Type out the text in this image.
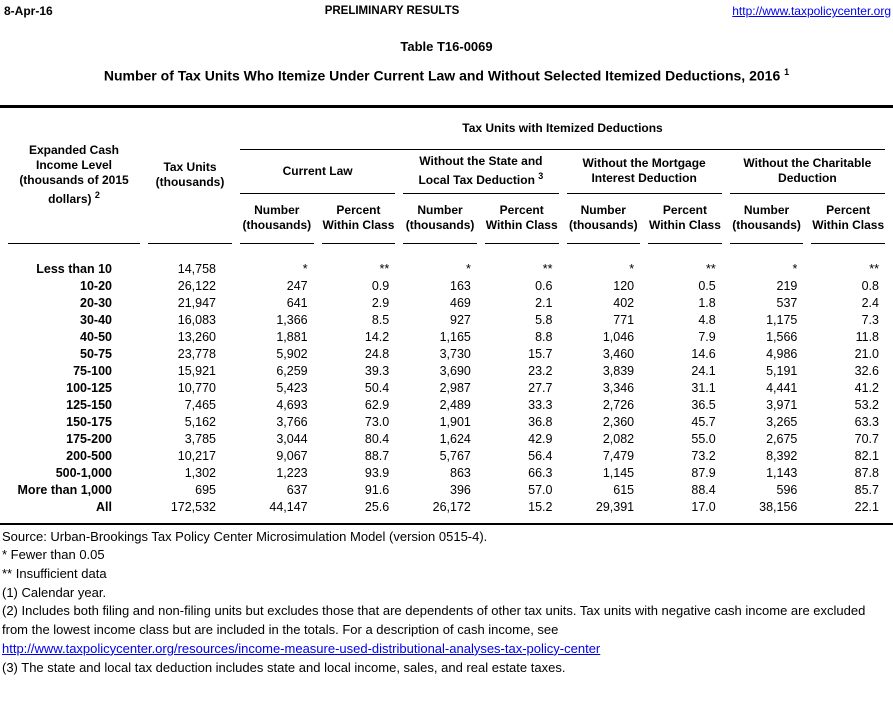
8-Apr-16	PRELIMINARY RESULTS	http://www.taxpolicycenter.org
Table T16-0069
Number of Tax Units Who Itemize Under Current Law and Without Selected Itemized Deductions, 2016 $^1$
Expanded Cash Income Level (thousands of 2015 dollars) $^2$	Tax Units (thousands)	Tax Units with Itemized Deductions							
		Current Law		Without the State and Local Tax Deduction $^3$		Without the Mortgage Interest Deduction		Without the Charitable Deduction	
		Number (thousands)	Percent Within Class	Number (thousands)	Percent Within Class	Number (thousands)	Percent Within Class	Number (thousands)	Percent Within Class

Less than 10	14,758	*	**	*	**	*	**	*	**
10-20	26,122	247	0.9	163	0.6	120	0.5	219	0.8
20-30	21,947	641	2.9	469	2.1	402	1.8	537	2.4
30-40	16,083	1,366	8.5	927	5.8	771	4.8	1,175	7.3
40-50	13,260	1,881	14.2	1,165	8.8	1,046	7.9	1,566	11.8
50-75	23,778	5,902	24.8	3,730	15.7	3,460	14.6	4,986	21.0
75-100	15,921	6,259	39.3	3,690	23.2	3,839	24.1	5,191	32.6
100-125	10,770	5,423	50.4	2,987	27.7	3,346	31.1	4,441	41.2
125-150	7,465	4,693	62.9	2,489	33.3	2,726	36.5	3,971	53.2
150-175	5,162	3,766	73.0	1,901	36.8	2,360	45.7	3,265	63.3
175-200	3,785	3,044	80.4	1,624	42.9	2,082	55.0	2,675	70.7
200-500	10,217	9,067	88.7	5,767	56.4	7,479	73.2	8,392	82.1
500-1,000	1,302	1,223	93.9	863	66.3	1,145	87.9	1,143	87.8
More than 1,000	695	637	91.6	396	57.0	615	88.4	596	85.7
All	172,532	44,147	25.6	26,172	15.2	29,391	17.0	38,156	22.1

Source: Urban-Brookings Tax Policy Center Microsimulation Model (version 0515-4).

* Fewer than 0.05

** Insufficient data

(1) Calendar year.

(2) Includes both filing and non-filing units but excludes those that are dependents of other tax units. Tax units with negative cash income are excluded from the lowest income class but are included in the totals. For a description of cash income, see

http://www.taxpolicycenter.org/resources/income-measure-used-distributional-analyses-tax-policy-center

(3) The state and local tax deduction includes state and local income, sales, and real estate taxes.
